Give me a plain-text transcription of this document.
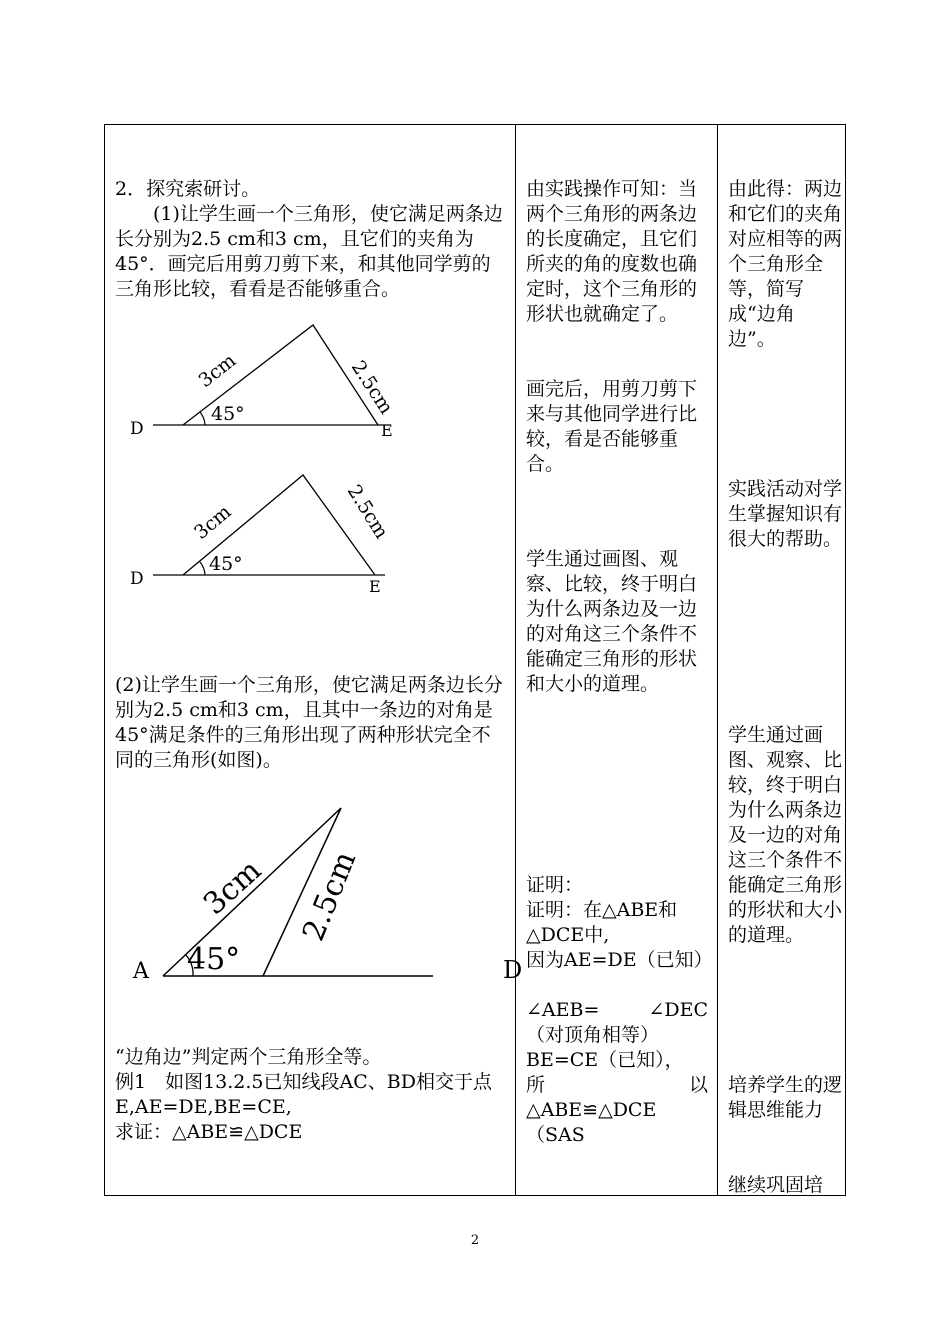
2．探究索研讨。
　　(1)让学生画一个三角形，使它满足两条边长分别为2.5 cm和3 cm，且它们的夹角为45°．画完后用剪刀剪下来，和其他同学剪的三角形比较，看看是否能够重合。
3cm	2.5cm
45°
D	E
3cm	2.5cm
45°
D	E
(2)让学生画一个三角形，使它满足两条边长分别为2.5 cm和3 cm，且其中一条边的对角是45°满足条件的三角形出现了两种形状完全不同的三角形(如图)。
3cm 2.5cm
45°
A	D
“边角边”判定两个三角形全等。
例1　如图13.2.5已知线段AC、BD相交于点E,AE=DE,BE=CE,
求证：△ABE≌△DCE
由实践操作可知：当两个三角形的两条边的长度确定，且它们所夹的角的度数也确定时，这个三角形的形状也就确定了。
画完后，用剪刀剪下来与其他同学进行比较，看是否能够重合。
学生通过画图、观察、比较，终于明白为什么两条边及一边的对角这三个条件不能确定三角形的形状和大小的道理。
证明：
证明：在△ABE和△DCE中,
因为AE=DE（已知）
∠AEB=	∠DEC
（对顶角相等）
BE=CE（已知），
所	以
△ABE≌△DCE（SAS
由此得：两边和它们的夹角对应相等的两个三角形全等，简写成“边角边”。
实践活动对学生掌握知识有很大的帮助。
学生通过画图、观察、比较，终于明白为什么两条边及一边的对角这三个条件不能确定三角形的形状和大小的道理。
培养学生的逻辑思维能力
继续巩固培
2
